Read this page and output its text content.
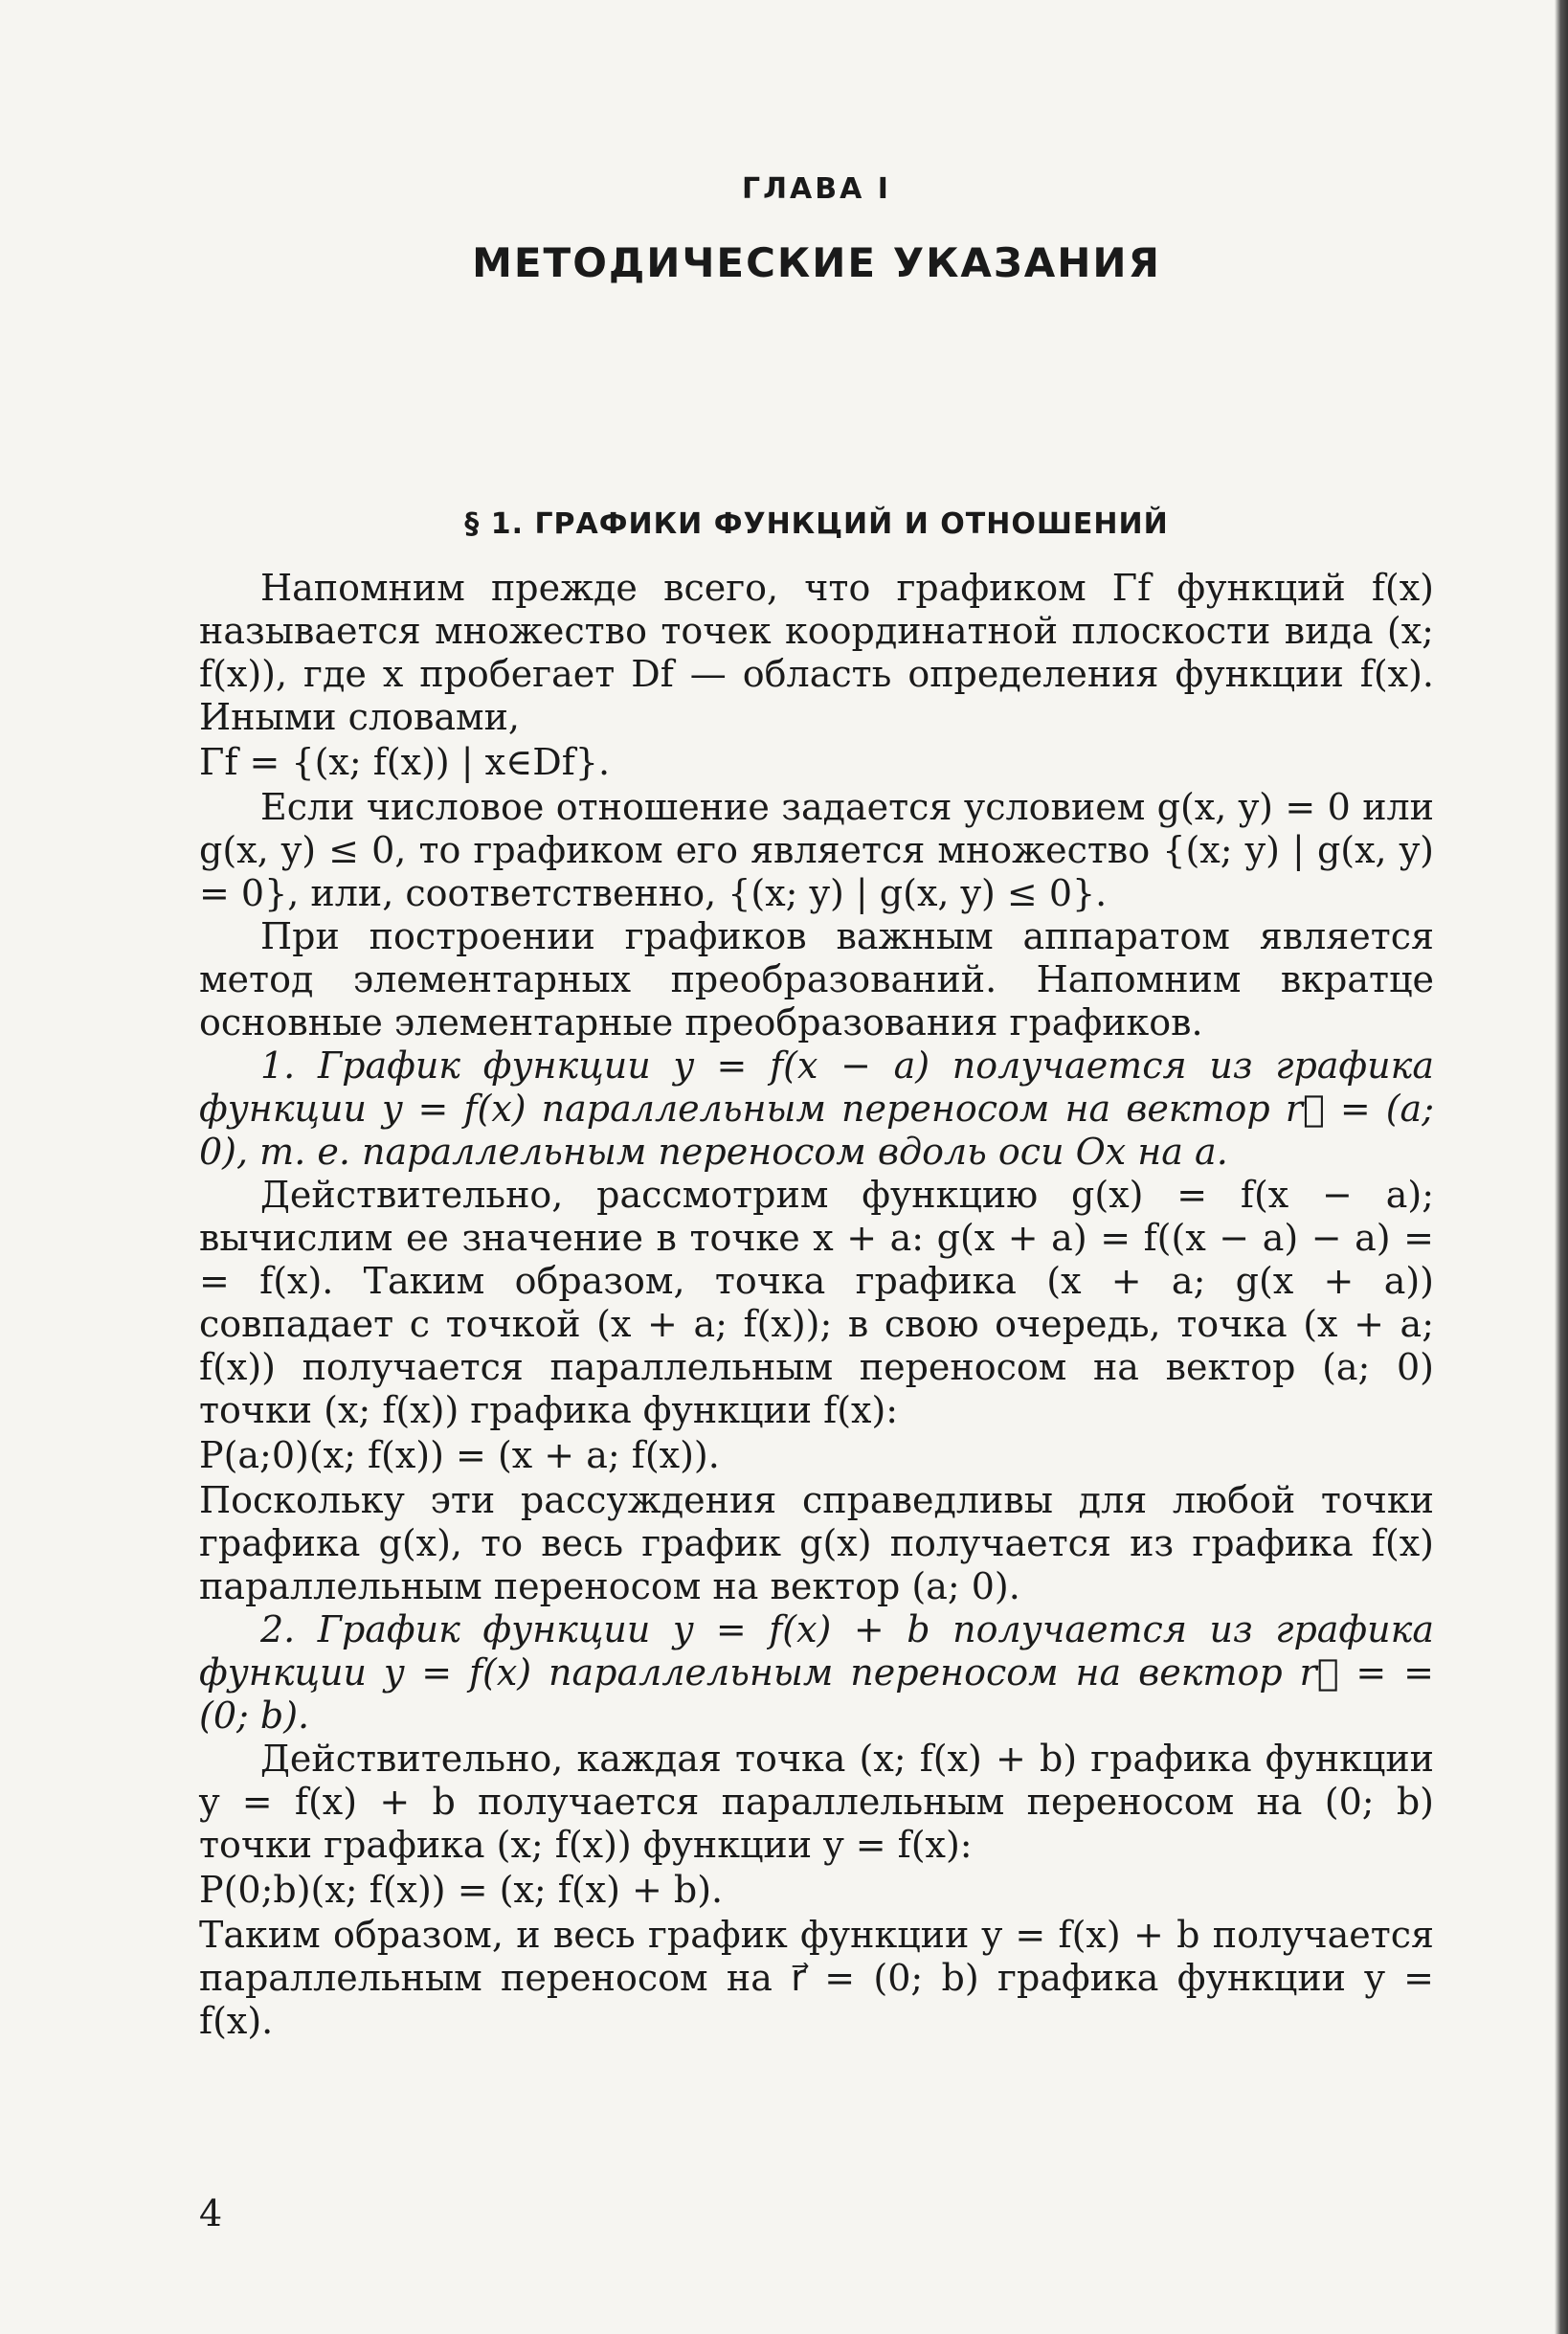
ГЛАВА I
МЕТОДИЧЕСКИЕ УКАЗАНИЯ
§ 1. ГРАФИКИ ФУНКЦИЙ И ОТНОШЕНИЙ

Напомним прежде всего, что графиком Γf функций f(x) называется множество точек координатной плоскости вида (x; f(x)), где x пробегает Df — область определения функции f(x). Иными словами,

Γf = {(x; f(x)) | x∈Df}.

Если числовое отношение задается условием g(x, y) = 0 или g(x, y) ≤ 0, то графиком его является множество {(x; y) | g(x, y) = 0}, или, соответственно, {(x; y) | g(x, y) ≤ 0}.

При построении графиков важным аппаратом является метод элементарных преобразований. Напомним вкратце основные элементарные преобразования графиков.

1. График функции y = f(x − a) получается из графика функции y = f(x) параллельным переносом на вектор r⃗ = (a; 0), т. е. параллельным переносом вдоль оси Ox на a.

Действительно, рассмотрим функцию g(x) = f(x − a); вычислим ее значение в точке x + a: g(x + a) = f((x − a) − a) = = f(x). Таким образом, точка графика (x + a; g(x + a)) совпадает с точкой (x + a; f(x)); в свою очередь, точка (x + a; f(x)) получается параллельным переносом на вектор (a; 0) точки (x; f(x)) графика функции f(x):

P(a;0)(x; f(x)) = (x + a; f(x)).

Поскольку эти рассуждения справедливы для любой точки графика g(x), то весь график g(x) получается из графика f(x) параллельным переносом на вектор (a; 0).

2. График функции y = f(x) + b получается из графика функции y = f(x) параллельным переносом на вектор r⃗ = = (0; b).

Действительно, каждая точка (x; f(x) + b) графика функции y = f(x) + b получается параллельным переносом на (0; b) точки графика (x; f(x)) функции y = f(x):

P(0;b)(x; f(x)) = (x; f(x) + b).

Таким образом, и весь график функции y = f(x) + b получается параллельным переносом на r⃗ = (0; b) графика функции y = f(x).

4
